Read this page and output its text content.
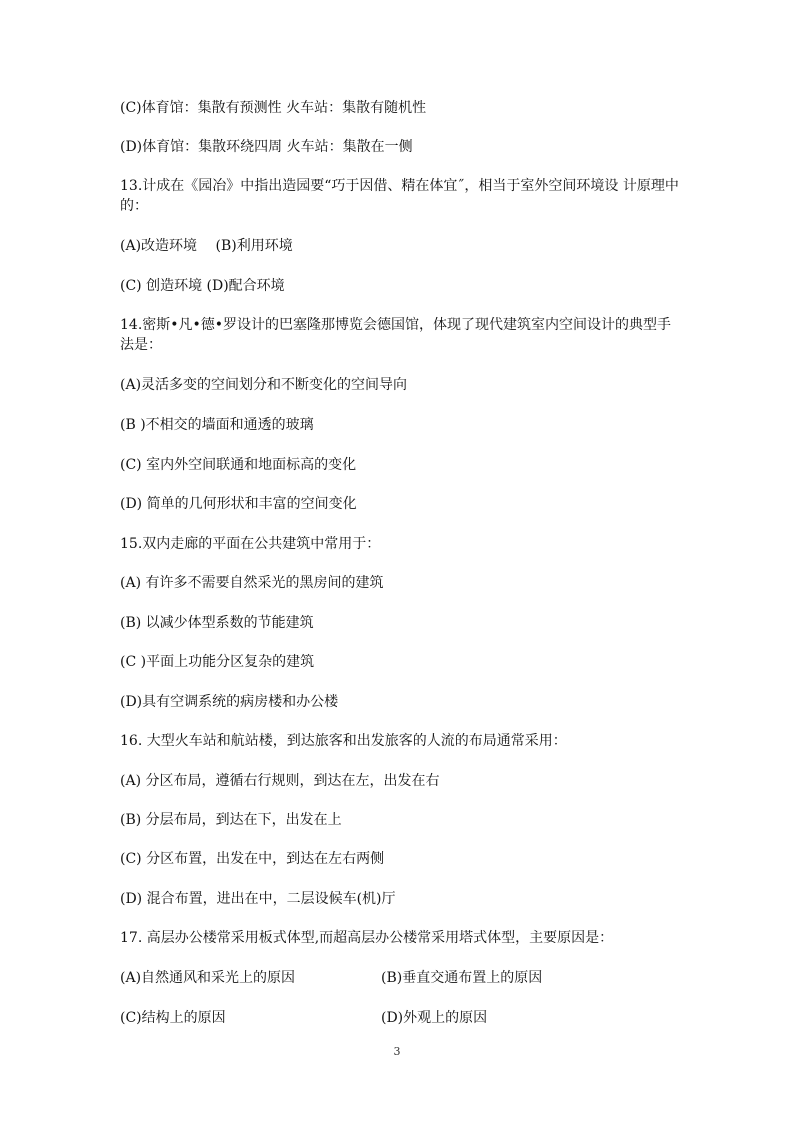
(C)体育馆：集散有预测性 火车站：集散有随机性
(D)体育馆：集散环绕四周 火车站：集散在一侧
13.计成在《园冶》中指出造园要“巧于因借、精在体宜˝，相当于室外空间环境设 计原理中的：
(A)改造环境　 (B)利用环境
(C) 创造环境 (D)配合环境
14.密斯•凡•德•罗设计的巴塞隆那博览会德国馆，体现了现代建筑室内空间设计的典型手法是：
(A)灵活多变的空间划分和不断变化的空间导向
(B )不相交的墙面和通透的玻璃
(C) 室内外空间联通和地面标高的变化
(D) 简单的几何形状和丰富的空间变化
15.双内走廊的平面在公共建筑中常用于：
(A) 有许多不需要自然采光的黑房间的建筑
(B) 以减少体型系数的节能建筑
(C )平面上功能分区复杂的建筑
(D)具有空调系统的病房楼和办公楼
16. 大型火车站和航站楼，到达旅客和出发旅客的人流的布局通常采用：
(A) 分区布局，遵循右行规则，到达在左，出发在右
(B) 分层布局，到达在下，出发在上
(C) 分区布置，出发在中，到达在左右两侧
(D) 混合布置，进出在中，二层设候车(机)厅
17. 高层办公楼常采用板式体型,而超高层办公楼常采用塔式体型，主要原因是：
(A)自然通风和采光上的原因	(B)垂直交通布置上的原因
(C)结构上的原因	(D)外观上的原因
3
